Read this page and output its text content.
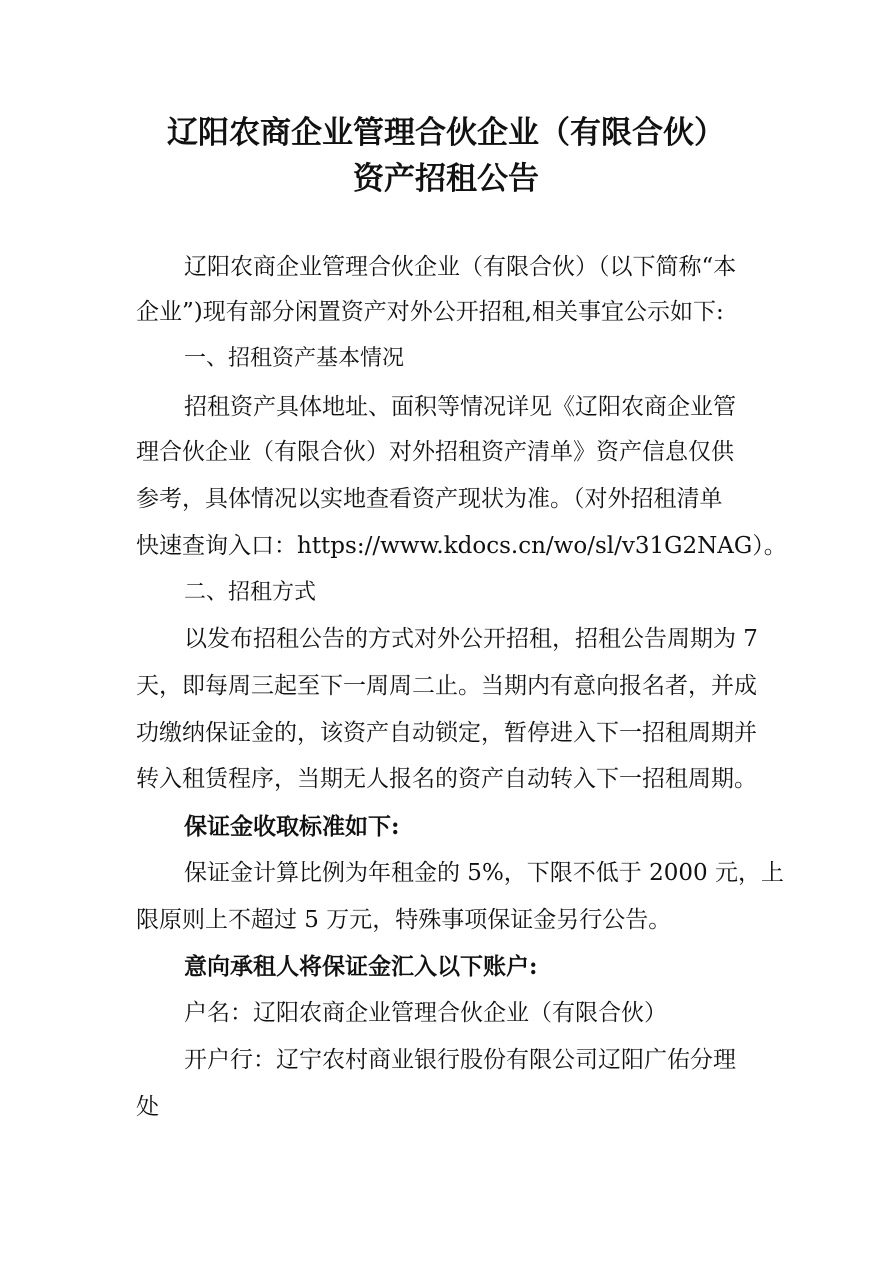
辽阳农商企业管理合伙企业（有限合伙）
资产招租公告
辽阳农商企业管理合伙企业（有限合伙）（以下简称“本
企业”)现有部分闲置资产对外公开招租,相关事宜公示如下:
一、招租资产基本情况
招租资产具体地址、面积等情况详见《辽阳农商企业管
理合伙企业（有限合伙）对外招租资产清单》资产信息仅供
参考，具体情况以实地查看资产现状为准。（对外招租清单
快速查询入口：https://www.kdocs.cn/wo/sl/v31G2NAG）。
二、招租方式
以发布招租公告的方式对外公开招租，招租公告周期为 7
天，即每周三起至下一周周二止。当期内有意向报名者，并成
功缴纳保证金的，该资产自动锁定，暂停进入下一招租周期并
转入租赁程序，当期无人报名的资产自动转入下一招租周期。
保证金收取标准如下:
保证金计算比例为年租金的 5%，下限不低于 2000 元，上
限原则上不超过 5 万元，特殊事项保证金另行公告。
意向承租人将保证金汇入以下账户:
户名：辽阳农商企业管理合伙企业（有限合伙）
开户行：辽宁农村商业银行股份有限公司辽阳广佑分理
处
